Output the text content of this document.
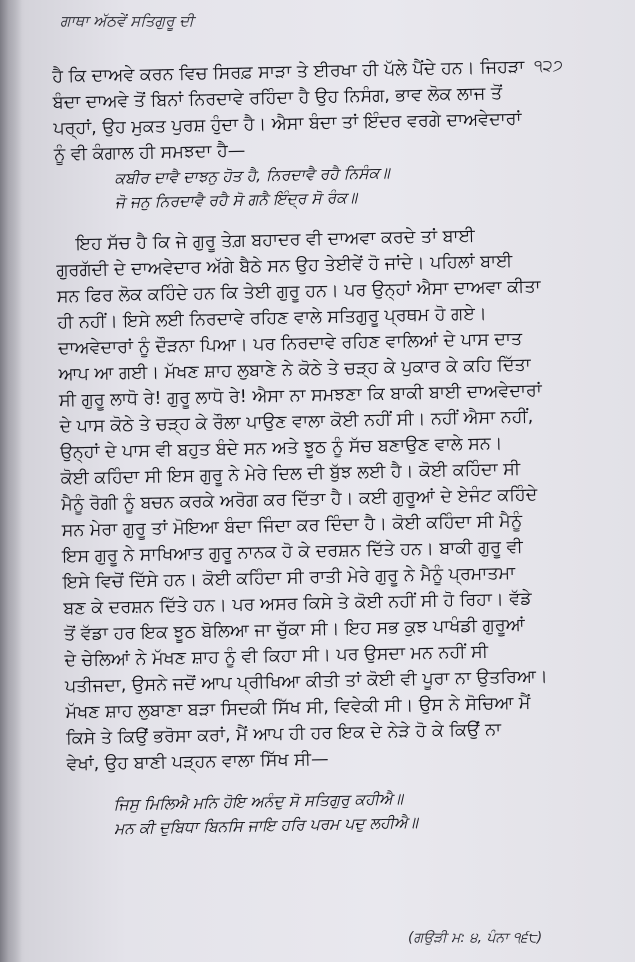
ਗਾਥਾ ਅੱਠਵੇਂ ਸਤਿਗੁਰੂ ਦੀ
੧੨੭
ਹੈ ਕਿ ਦਾਅਵੇ ਕਰਨ ਵਿਚ ਸਿਰਫ਼ ਸਾੜਾ ਤੇ ਈਰਖਾ ਹੀ ਪੱਲੇ ਪੈਂਦੇ ਹਨ। ਜਿਹੜਾ
ਬੰਦਾ ਦਾਅਵੇ ਤੋਂ ਬਿਨਾਂ ਨਿਰਦਾਵੇ ਰਹਿੰਦਾ ਹੈ ਉਹ ਨਿਸੰਗ, ਭਾਵ ਲੋਕ ਲਾਜ ਤੋਂ
ਪਰ੍ਹਾਂ, ਉਹ ਮੁਕਤ ਪੁਰਸ਼ ਹੁੰਦਾ ਹੈ। ਐਸਾ ਬੰਦਾ ਤਾਂ ਇੰਦਰ ਵਰਗੇ ਦਾਅਵੇਦਾਰਾਂ
ਨੂੰ ਵੀ ਕੰਗਾਲ ਹੀ ਸਮਝਦਾ ਹੈ—
ਕਬੀਰ ਦਾਵੈ ਦਾਝਨੁ ਹੋਤ ਹੈ, ਨਿਰਦਾਵੈ ਰਹੈ ਨਿਸੰਕ॥
ਜੋ ਜਨੁ ਨਿਰਦਾਵੈ ਰਹੈ ਸੋ ਗਨੈ ਇੰਦ੍ਰ ਸੋ ਰੰਕ॥
ਇਹ ਸੱਚ ਹੈ ਕਿ ਜੇ ਗੁਰੂ ਤੇਗ਼ ਬਹਾਦਰ ਵੀ ਦਾਅਵਾ ਕਰਦੇ ਤਾਂ ਬਾਈ
ਗੁਰਗੱਦੀ ਦੇ ਦਾਅਵੇਦਾਰ ਅੱਗੇ ਬੈਠੇ ਸਨ ਉਹ ਤੇਈਵੇਂ ਹੋ ਜਾਂਦੇ। ਪਹਿਲਾਂ ਬਾਈ
ਸਨ ਫਿਰ ਲੋਕ ਕਹਿੰਦੇ ਹਨ ਕਿ ਤੇਈ ਗੁਰੂ ਹਨ। ਪਰ ਉਨ੍ਹਾਂ ਐਸਾ ਦਾਅਵਾ ਕੀਤਾ
ਹੀ ਨਹੀਂ। ਇਸੇ ਲਈ ਨਿਰਦਾਵੇ ਰਹਿਣ ਵਾਲੇ ਸਤਿਗੁਰੂ ਪ੍ਰਥਮ ਹੋ ਗਏ।
ਦਾਅਵੇਦਾਰਾਂ ਨੂੰ ਦੌੜਨਾ ਪਿਆ। ਪਰ ਨਿਰਦਾਵੇ ਰਹਿਣ ਵਾਲਿਆਂ ਦੇ ਪਾਸ ਦਾਤ
ਆਪ ਆ ਗਈ। ਮੱਖਣ ਸ਼ਾਹ ਲੁਬਾਣੇ ਨੇ ਕੋਠੇ ਤੇ ਚੜ੍ਹ ਕੇ ਪੁਕਾਰ ਕੇ ਕਹਿ ਦਿੱਤਾ
ਸੀ ਗੁਰੂ ਲਾਧੋ ਰੇ! ਗੁਰੂ ਲਾਧੋ ਰੇ! ਐਸਾ ਨਾ ਸਮਝਣਾ ਕਿ ਬਾਕੀ ਬਾਈ ਦਾਅਵੇਦਾਰਾਂ
ਦੇ ਪਾਸ ਕੋਠੇ ਤੇ ਚੜ੍ਹ ਕੇ ਰੌਲਾ ਪਾਉਣ ਵਾਲਾ ਕੋਈ ਨਹੀਂ ਸੀ। ਨਹੀਂ ਐਸਾ ਨਹੀਂ,
ਉਨ੍ਹਾਂ ਦੇ ਪਾਸ ਵੀ ਬਹੁਤ ਬੰਦੇ ਸਨ ਅਤੇ ਝੂਠ ਨੂੰ ਸੱਚ ਬਣਾਉਣ ਵਾਲੇ ਸਨ।
ਕੋਈ ਕਹਿੰਦਾ ਸੀ ਇਸ ਗੁਰੂ ਨੇ ਮੇਰੇ ਦਿਲ ਦੀ ਬੁੱਝ ਲਈ ਹੈ। ਕੋਈ ਕਹਿੰਦਾ ਸੀ
ਮੈਨੂੰ ਰੋਗੀ ਨੂੰ ਬਚਨ ਕਰਕੇ ਅਰੋਗ ਕਰ ਦਿੱਤਾ ਹੈ। ਕਈ ਗੁਰੂਆਂ ਦੇ ਏਜੰਟ ਕਹਿੰਦੇ
ਸਨ ਮੇਰਾ ਗੁਰੂ ਤਾਂ ਮੋਇਆ ਬੰਦਾ ਜਿੰਦਾ ਕਰ ਦਿੰਦਾ ਹੈ। ਕੋਈ ਕਹਿੰਦਾ ਸੀ ਮੈਨੂੰ
ਇਸ ਗੁਰੂ ਨੇ ਸਾਖਿਆਤ ਗੁਰੂ ਨਾਨਕ ਹੋ ਕੇ ਦਰਸ਼ਨ ਦਿੱਤੇ ਹਨ। ਬਾਕੀ ਗੁਰੂ ਵੀ
ਇਸੇ ਵਿਚੋਂ ਦਿੱਸੇ ਹਨ। ਕੋਈ ਕਹਿੰਦਾ ਸੀ ਰਾਤੀ ਮੇਰੇ ਗੁਰੂ ਨੇ ਮੈਨੂੰ ਪ੍ਰਮਾਤਮਾ
ਬਣ ਕੇ ਦਰਸ਼ਨ ਦਿੱਤੇ ਹਨ। ਪਰ ਅਸਰ ਕਿਸੇ ਤੇ ਕੋਈ ਨਹੀਂ ਸੀ ਹੋ ਰਿਹਾ। ਵੱਡੇ
ਤੋਂ ਵੱਡਾ ਹਰ ਇਕ ਝੂਠ ਬੋਲਿਆ ਜਾ ਚੁੱਕਾ ਸੀ। ਇਹ ਸਭ ਕੁਝ ਪਾਖੰਡੀ ਗੁਰੂਆਂ
ਦੇ ਚੇਲਿਆਂ ਨੇ ਮੱਖਣ ਸ਼ਾਹ ਨੂੰ ਵੀ ਕਿਹਾ ਸੀ। ਪਰ ਉਸਦਾ ਮਨ ਨਹੀਂ ਸੀ
ਪਤੀਜਦਾ, ਉਸਨੇ ਜਦੋਂ ਆਪ ਪ੍ਰੀਖਿਆ ਕੀਤੀ ਤਾਂ ਕੋਈ ਵੀ ਪੂਰਾ ਨਾ ਉਤਰਿਆ।
ਮੱਖਣ ਸ਼ਾਹ ਲੁਬਾਣਾ ਬੜਾ ਸਿਦਕੀ ਸਿੱਖ ਸੀ, ਵਿਵੇਕੀ ਸੀ। ਉਸ ਨੇ ਸੋਚਿਆ ਮੈਂ
ਕਿਸੇ ਤੇ ਕਿਉਂ ਭਰੋਸਾ ਕਰਾਂ, ਮੈਂ ਆਪ ਹੀ ਹਰ ਇਕ ਦੇ ਨੇੜੇ ਹੋ ਕੇ ਕਿਉਂ ਨਾ
ਵੇਖਾਂ, ਉਹ ਬਾਣੀ ਪੜ੍ਹਨ ਵਾਲਾ ਸਿੱਖ ਸੀ—
ਜਿਸੁ ਮਿਲਿਐ ਮਨਿ ਹੋਇ ਅਨੰਦੁ ਸੋ ਸਤਿਗੁਰੁ ਕਹੀਐ॥
ਮਨ ਕੀ ਦੁਬਿਧਾ ਬਿਨਸਿ ਜਾਇ ਹਰਿ ਪਰਮ ਪਦੁ ਲਹੀਐ॥
(ਗਉੜੀ ਮ: ੪, ਪੰਨਾ ੧੬੮)
